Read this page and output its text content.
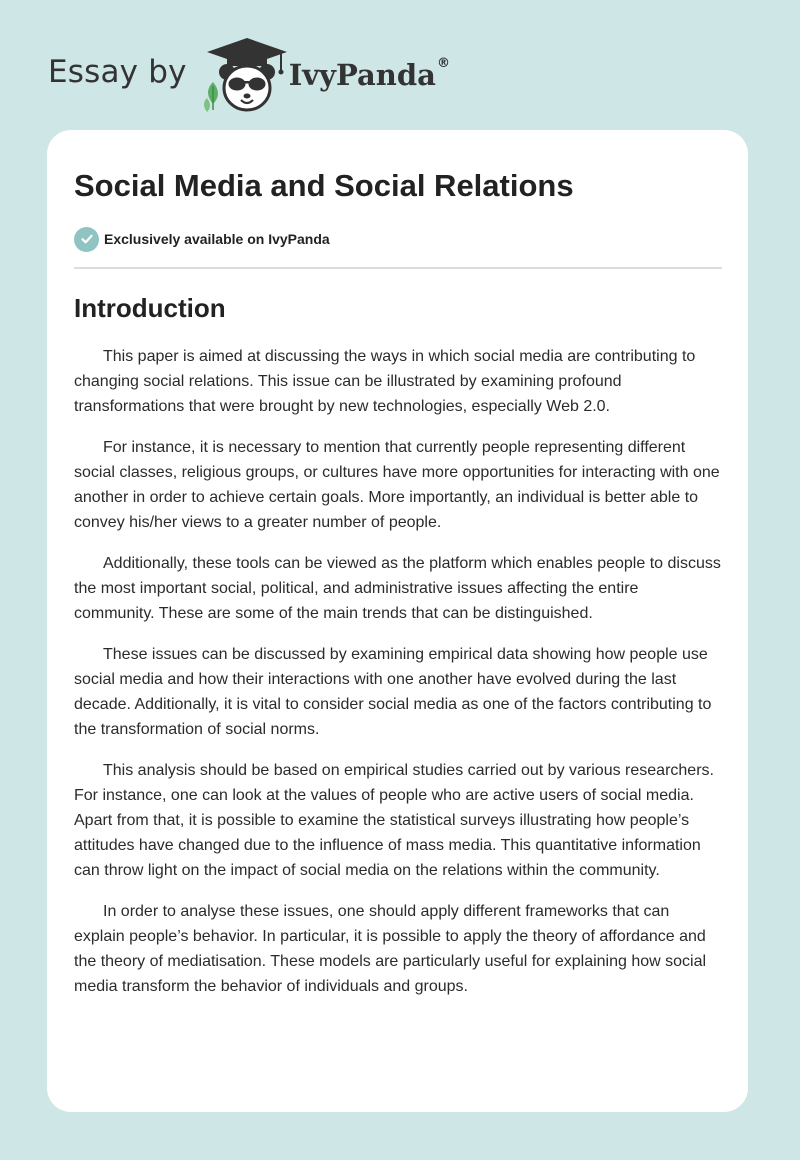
Essay by	IvyPanda®
Social Media and Social Relations
Exclusively available on IvyPanda
Introduction

This paper is aimed at discussing the ways in which social media are contributing to changing social relations. This issue can be illustrated by examining profound transformations that were brought by new technologies, especially Web 2.0.

For instance, it is necessary to mention that currently people representing different social classes, religious groups, or cultures have more opportunities for interacting with one another in order to achieve certain goals. More importantly, an individual is better able to convey his/her views to a greater number of people.

Additionally, these tools can be viewed as the platform which enables people to discuss the most important social, political, and administrative issues affecting the entire community. These are some of the main trends that can be distinguished.

These issues can be discussed by examining empirical data showing how people use social media and how their interactions with one another have evolved during the last decade. Additionally, it is vital to consider social media as one of the factors contributing to the transformation of social norms.

This analysis should be based on empirical studies carried out by various researchers. For instance, one can look at the values of people who are active users of social media. Apart from that, it is possible to examine the statistical surveys illustrating how people’s attitudes have changed due to the influence of mass media. This quantitative information can throw light on the impact of social media on the relations within the community.

In order to analyse these issues, one should apply different frameworks that can explain people’s behavior. In particular, it is possible to apply the theory of affordance and the theory of mediatisation. These models are particularly useful for explaining how social media transform the behavior of individuals and groups.
